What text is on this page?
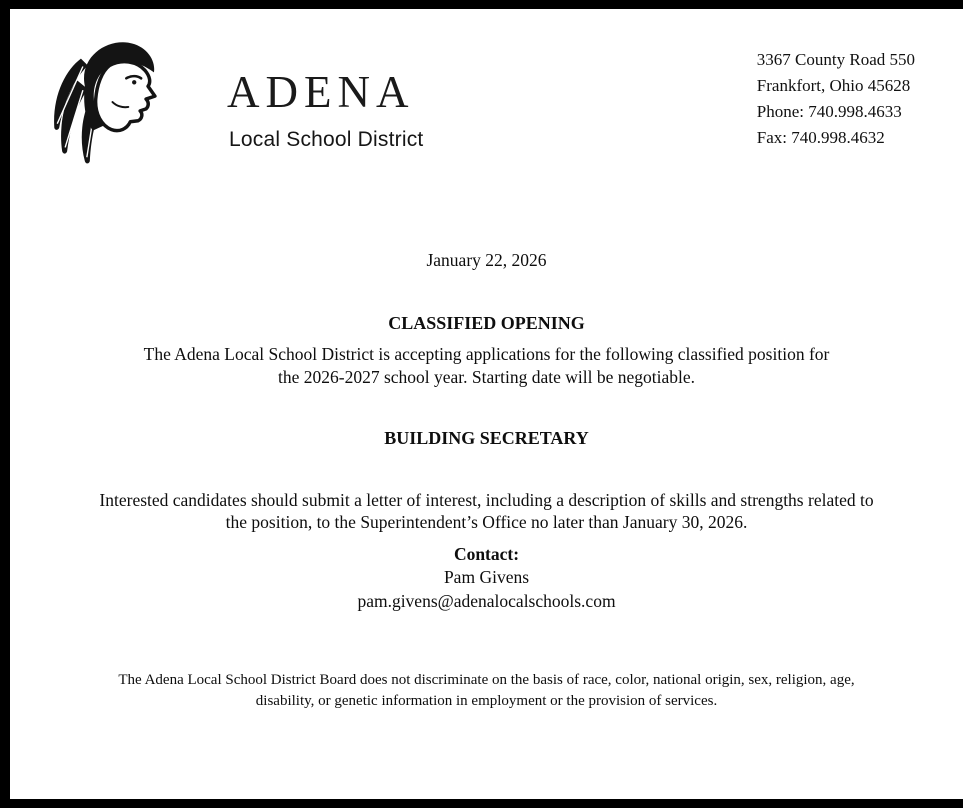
ADENA
Local School District
3367 County Road 550
Frankfort, Ohio 45628
Phone: 740.998.4633
Fax: 740.998.4632
January 22, 2026
CLASSIFIED OPENING

The Adena Local School District is accepting applications for the following classified position for the 2026-2027 school year. Starting date will be negotiable.

BUILDING SECRETARY

Interested candidates should submit a letter of interest, including a description of skills and strengths related to the position, to the Superintendent’s Office no later than January 30, 2026.

Contact:
Pam Givens
pam.givens@adenalocalschools.com

The Adena Local School District Board does not discriminate on the basis of race, color, national origin, sex, religion, age, disability, or genetic information in employment or the provision of services.
